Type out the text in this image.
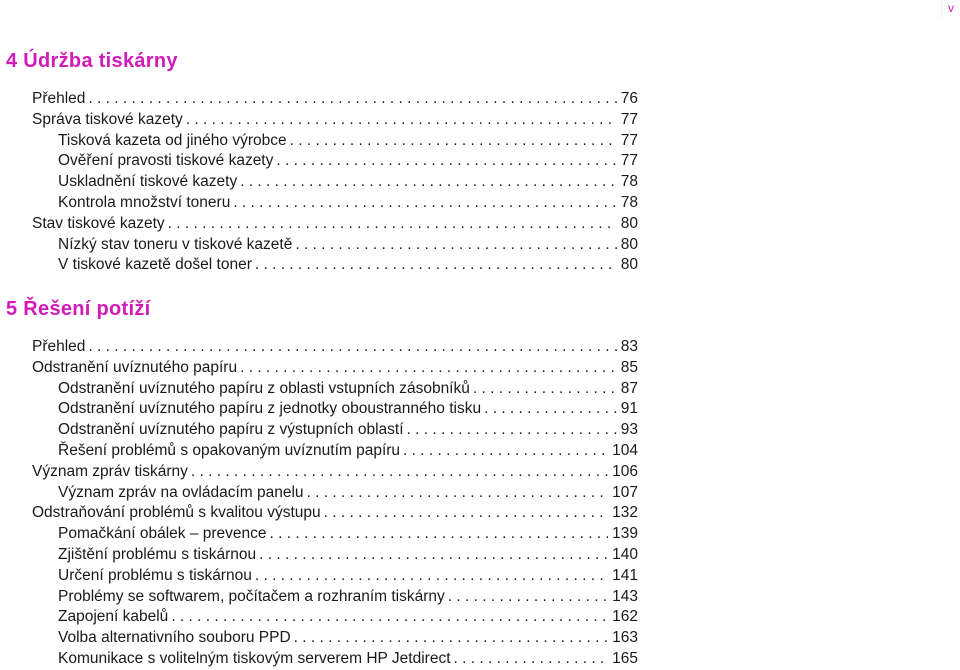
v
4 Údržba tiskárny
Přehled . . .	76
Správa tiskové kazety . . .	77
Tisková kazeta od jiného výrobce . . .	77
Ověření pravosti tiskové kazety . . .	77
Uskladnění tiskové kazety . . .	78
Kontrola množství toneru . . .	78
Stav tiskové kazety . . .	80
Nízký stav toneru v tiskové kazetě . . .	80
V tiskové kazetě došel toner . . .	80
5 Řešení potíží
Přehled . . .	83
Odstranění uvíznutého papíru . . .	85
Odstranění uvíznutého papíru z oblasti vstupních zásobníků . . .	87
Odstranění uvíznutého papíru z jednotky oboustranného tisku . . .	91
Odstranění uvíznutého papíru z výstupních oblastí . . .	93
Řešení problémů s opakovaným uvíznutím papíru . . .	104
Význam zpráv tiskárny . . .	106
Význam zpráv na ovládacím panelu . . .	107
Odstraňování problémů s kvalitou výstupu . . .	132
Pomačkání obálek – prevence . . .	139
Zjištění problému s tiskárnou . . .	140
Určení problému s tiskárnou . . .	141
Problémy se softwarem, počítačem a rozhraním tiskárny . . .	143
Zapojení kabelů . . .	162
Volba alternativního souboru PPD . . .	163
Komunikace s volitelným tiskovým serverem HP Jetdirect . . .	165
